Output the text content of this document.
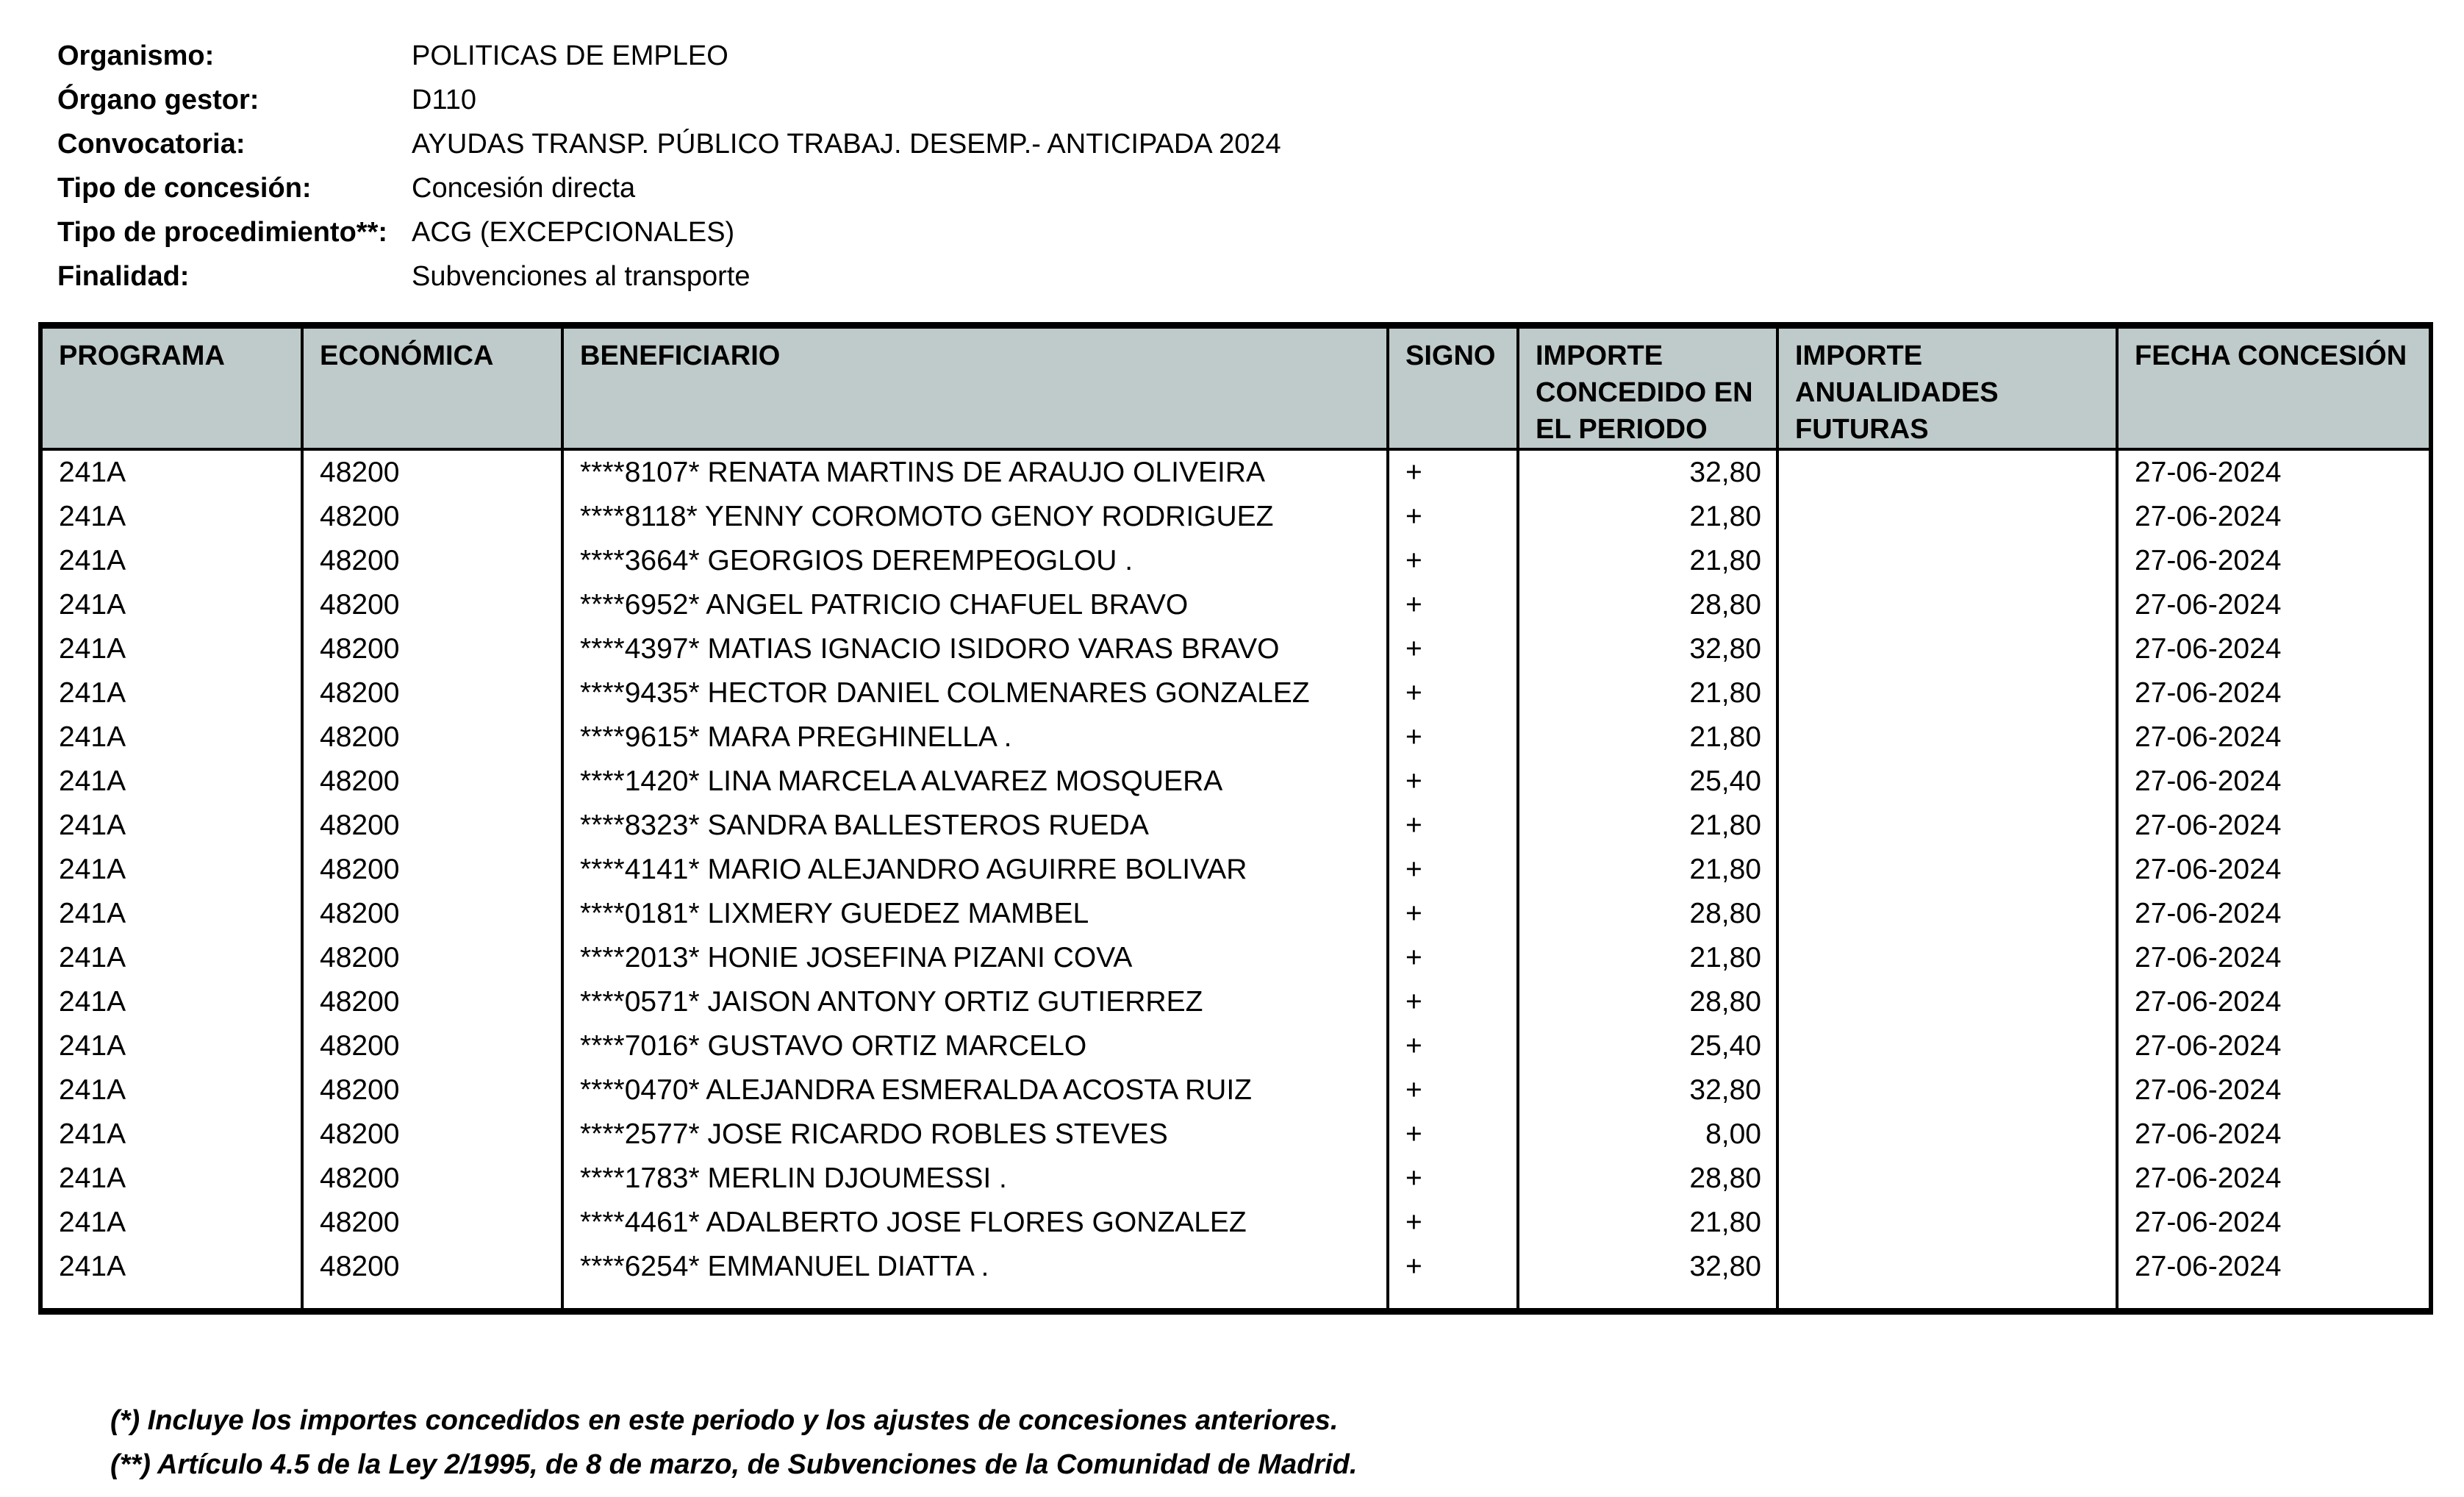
Organismo:	POLITICAS DE EMPLEO
Órgano gestor:	D110
Convocatoria:	AYUDAS TRANSP. PÚBLICO TRABAJ. DESEMP.- ANTICIPADA 2024
Tipo de concesión:	Concesión directa
Tipo de procedimiento**: ACG (EXCEPCIONALES)
Finalidad:	Subvenciones al transporte
PROGRAMA	ECONÓMICA	BENEFICIARIO	SIGNO	IMPORTE CONCEDIDO EN EL PERIODO	IMPORTE ANUALIDADES FUTURAS	FECHA CONCESIÓN
241A	48200	****8107* RENATA MARTINS DE ARAUJO OLIVEIRA	+	32,80		27-06-2024
241A	48200	****8118* YENNY COROMOTO GENOY RODRIGUEZ	+	21,80		27-06-2024
241A	48200	****3664* GEORGIOS DEREMPEOGLOU .	+	21,80		27-06-2024
241A	48200	****6952* ANGEL PATRICIO CHAFUEL BRAVO	+	28,80		27-06-2024
241A	48200	****4397* MATIAS IGNACIO ISIDORO VARAS BRAVO	+	32,80		27-06-2024
241A	48200	****9435* HECTOR DANIEL COLMENARES GONZALEZ	+	21,80		27-06-2024
241A	48200	****9615* MARA PREGHINELLA .	+	21,80		27-06-2024
241A	48200	****1420* LINA MARCELA ALVAREZ MOSQUERA	+	25,40		27-06-2024
241A	48200	****8323* SANDRA BALLESTEROS RUEDA	+	21,80		27-06-2024
241A	48200	****4141* MARIO ALEJANDRO AGUIRRE BOLIVAR	+	21,80		27-06-2024
241A	48200	****0181* LIXMERY GUEDEZ MAMBEL	+	28,80		27-06-2024
241A	48200	****2013* HONIE JOSEFINA PIZANI COVA	+	21,80		27-06-2024
241A	48200	****0571* JAISON ANTONY ORTIZ GUTIERREZ	+	28,80		27-06-2024
241A	48200	****7016* GUSTAVO ORTIZ MARCELO	+	25,40		27-06-2024
241A	48200	****0470* ALEJANDRA ESMERALDA ACOSTA RUIZ	+	32,80		27-06-2024
241A	48200	****2577* JOSE RICARDO ROBLES STEVES	+	8,00		27-06-2024
241A	48200	****1783* MERLIN DJOUMESSI .	+	28,80		27-06-2024
241A	48200	****4461* ADALBERTO JOSE FLORES GONZALEZ	+	21,80		27-06-2024
241A	48200	****6254* EMMANUEL DIATTA .	+	32,80		27-06-2024

(*) Incluye los importes concedidos en este periodo y los ajustes de concesiones anteriores.
(**) Artículo 4.5 de la Ley 2/1995, de 8 de marzo, de Subvenciones de la Comunidad de Madrid.
